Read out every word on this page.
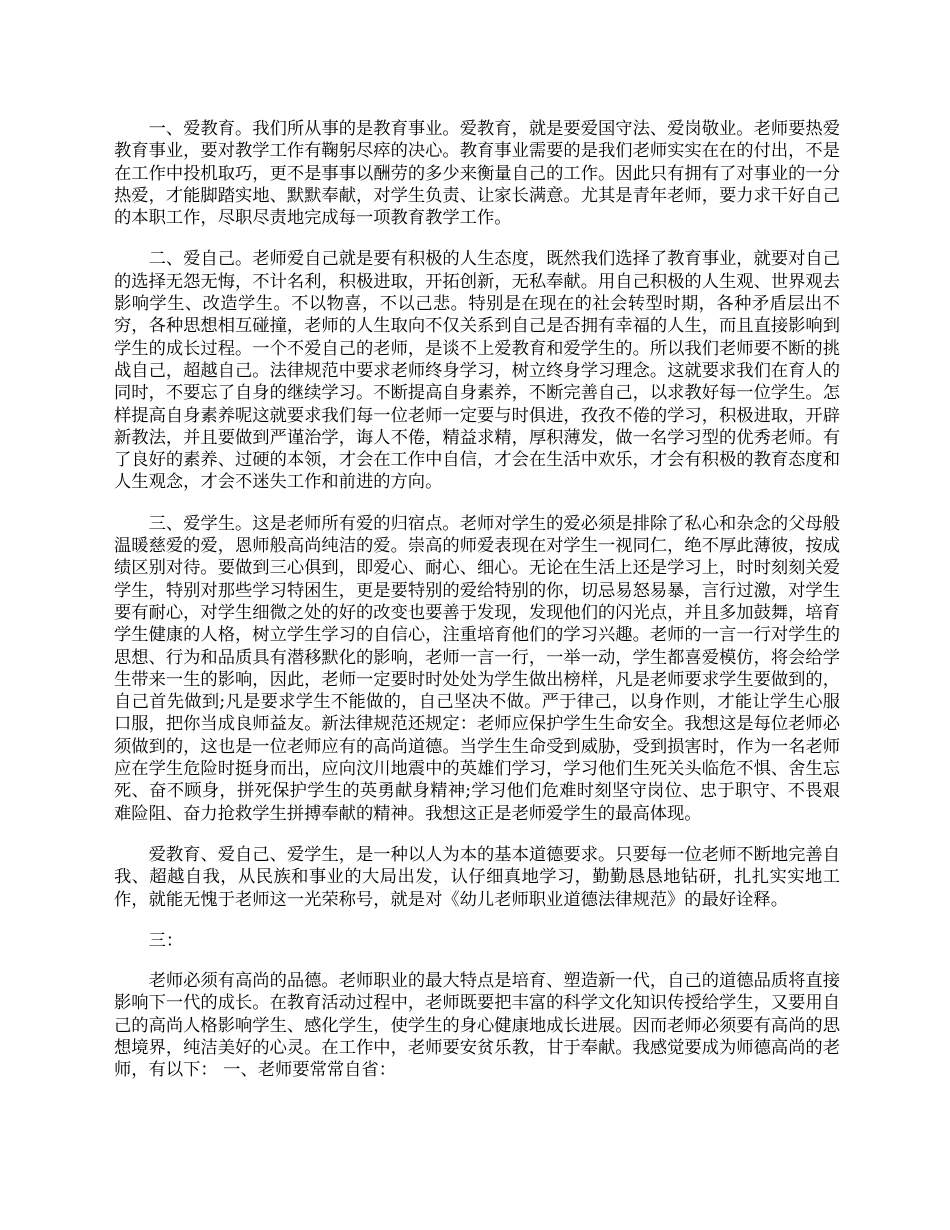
一、爱教育。我们所从事的是教育事业。爱教育，就是要爱国守法、爱岗敬业。老师要热爱教育事业，要对教学工作有鞠躬尽瘁的决心。教育事业需要的是我们老师实实在在的付出，不是在工作中投机取巧，更不是事事以酬劳的多少来衡量自己的工作。因此只有拥有了对事业的一分热爱，才能脚踏实地、默默奉献，对学生负责、让家长满意。尤其是青年老师，要力求干好自己的本职工作，尽职尽责地完成每一项教育教学工作。

二、爱自己。老师爱自己就是要有积极的人生态度，既然我们选择了教育事业，就要对自己的选择无怨无悔，不计名利，积极进取，开拓创新，无私奉献。用自己积极的人生观、世界观去影响学生、改造学生。不以物喜，不以己悲。特别是在现在的社会转型时期，各种矛盾层出不穷，各种思想相互碰撞，老师的人生取向不仅关系到自己是否拥有幸福的人生，而且直接影响到学生的成长过程。一个不爱自己的老师，是谈不上爱教育和爱学生的。所以我们老师要不断的挑战自己，超越自己。法律规范中要求老师终身学习，树立终身学习理念。这就要求我们在育人的同时，不要忘了自身的继续学习。不断提高自身素养，不断完善自己，以求教好每一位学生。怎样提高自身素养呢这就要求我们每一位老师一定要与时俱进，孜孜不倦的学习，积极进取，开辟新教法，并且要做到严谨治学，诲人不倦，精益求精，厚积薄发，做一名学习型的优秀老师。有了良好的素养、过硬的本领，才会在工作中自信，才会在生活中欢乐，才会有积极的教育态度和人生观念，才会不迷失工作和前进的方向。

三、爱学生。这是老师所有爱的归宿点。老师对学生的爱必须是排除了私心和杂念的父母般温暖慈爱的爱，恩师般高尚纯洁的爱。崇高的师爱表现在对学生一视同仁，绝不厚此薄彼，按成绩区别对待。要做到三心俱到，即爱心、耐心、细心。无论在生活上还是学习上，时时刻刻关爱学生，特别对那些学习特困生，更是要特别的爱给特别的你，切忌易怒易暴，言行过激，对学生要有耐心，对学生细微之处的好的改变也要善于发现，发现他们的闪光点，并且多加鼓舞，培育学生健康的人格，树立学生学习的自信心，注重培育他们的学习兴趣。老师的一言一行对学生的思想、行为和品质具有潜移默化的影响，老师一言一行，一举一动，学生都喜爱模仿，将会给学生带来一生的影响，因此，老师一定要时时处处为学生做出榜样，凡是老师要求学生要做到的，自己首先做到;凡是要求学生不能做的，自己坚决不做。严于律己，以身作则，才能让学生心服口服，把你当成良师益友。新法律规范还规定：老师应保护学生生命安全。我想这是每位老师必须做到的，这也是一位老师应有的高尚道德。当学生生命受到威胁，受到损害时，作为一名老师应在学生危险时挺身而出，应向汶川地震中的英雄们学习，学习他们生死关头临危不惧、舍生忘死、奋不顾身，拼死保护学生的英勇献身精神;学习他们危难时刻坚守岗位、忠于职守、不畏艰难险阻、奋力抢救学生拼搏奉献的精神。我想这正是老师爱学生的最高体现。

爱教育、爱自己、爱学生，是一种以人为本的基本道德要求。只要每一位老师不断地完善自我、超越自我，从民族和事业的大局出发，认仔细真地学习，勤勤恳恳地钻研，扎扎实实地工作，就能无愧于老师这一光荣称号，就是对《幼儿老师职业道德法律规范》的最好诠释。

三：

老师必须有高尚的品德。老师职业的最大特点是培育、塑造新一代，自己的道德品质将直接影响下一代的成长。在教育活动过程中，老师既要把丰富的科学文化知识传授给学生，又要用自己的高尚人格影响学生、感化学生，使学生的身心健康地成长进展。因而老师必须要有高尚的思想境界，纯洁美好的心灵。在工作中，老师要安贫乐教，甘于奉献。我感觉要成为师德高尚的老师，有以下： 一、老师要常常自省：
